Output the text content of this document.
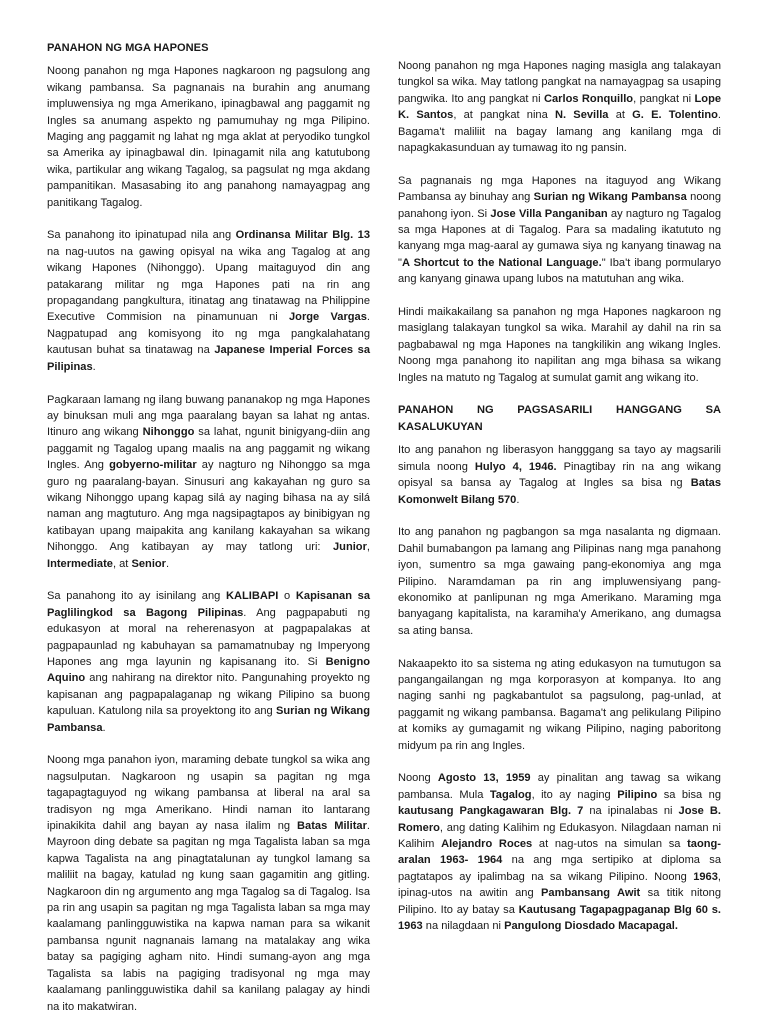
PANAHON NG MGA HAPONES

Noong panahon ng mga Hapones nagkaroon ng pagsulong ang wikang pambansa. Sa pagnanais na burahin ang anumang impluwensiya ng mga Amerikano, ipinagbawal ang paggamit ng Ingles sa anumang aspekto ng pamumuhay ng mga Pilipino. Maging ang paggamit ng lahat ng mga aklat at peryodiko tungkol sa Amerika ay ipinagbawal din. Ipinagamit nila ang katutubong wika, partikular ang wikang Tagalog, sa pagsulat ng mga akdang pampanitikan. Masasabing ito ang panahong namayagpag ang panitikang Tagalog.

Sa panahong ito ipinatupad nila ang Ordinansa Militar Blg. 13 na nag-uutos na gawing opisyal na wika ang Tagalog at ang wikang Hapones (Nihonggo). Upang maitaguyod din ang patakarang militar ng mga Hapones pati na rin ang propagandang pangkultura, itinatag ang tinatawag na Philippine Executive Commision na pinamunuan ni Jorge Vargas. Nagpatupad ang komisyong ito ng mga pangkalahatang kautusan buhat sa tinatawag na Japanese Imperial Forces sa Pilipinas.

Pagkaraan lamang ng ilang buwang pananakop ng mga Hapones ay binuksan muli ang mga paaralang bayan sa lahat ng antas. Itinuro ang wikang Nihonggo sa lahat, ngunit binigyang-diin ang paggamit ng Tagalog upang maalis na ang paggamit ng wikang Ingles. Ang gobyerno-militar ay nagturo ng Nihonggo sa mga guro ng paaralang-bayan. Sinusuri ang kakayahan ng guro sa wikang Nihonggo upang kapag silá ay naging bihasa na ay silá naman ang magtuturo. Ang mga nagsipagtapos ay binibigyan ng katibayan upang maipakita ang kanilang kakayahan sa wikang Nihonggo. Ang katibayan ay may tatlong uri: Junior, Intermediate, at Senior.

Sa panahong ito ay isinilang ang KALIBAPI o Kapisanan sa Paglilingkod sa Bagong Pilipinas. Ang pagpapabuti ng edukasyon at moral na reherenasyon at pagpapalakas at pagpapaunlad ng kabuhayan sa pamamatnubay ng Imperyong Hapones ang mga layunin ng kapisanang ito. Si Benigno Aquino ang nahirang na direktor nito. Pangunahing proyekto ng kapisanan ang pagpapalaganap ng wikang Pilipino sa buong kapuluan. Katulong nila sa proyektong ito ang Surian ng Wikang Pambansa.

Noong mga panahon iyon, maraming debate tungkol sa wika ang nagsulputan. Nagkaroon ng usapin sa pagitan ng mga tagapagtaguyod ng wikang pambansa at liberal na aral sa tradisyon ng mga Amerikano. Hindi naman ito lantarang ipinakikita dahil ang bayan ay nasa ilalim ng Batas Militar. Mayroon ding debate sa pagitan ng mga Tagalista laban sa mga kapwa Tagalista na ang pinagtatalunan ay tungkol lamang sa maliliit na bagay, katulad ng kung saan gagamitin ang gitling. Nagkaroon din ng argumento ang mga Tagalog sa di Tagalog. Isa pa rin ang usapin sa pagitan ng mga Tagalista laban sa mga may kaalamang panlingguwistika na kapwa naman para sa wikanit pambansa ngunit nagnanais lamang na matalakay ang wika batay sa pagiging agham nito. Hindi sumang-ayon ang mga Tagalista sa labis na pagiging tradisyonal ng mga may kaalamang panlingguwistika dahil sa kanilang palagay ay hindi na ito makatwiran.

Noong panahon ng mga Hapones naging masigla ang talakayan tungkol sa wika. May tatlong pangkat na namayagpag sa usaping pangwika. Ito ang pangkat ni Carlos Ronquillo, pangkat ni Lope K. Santos, at pangkat nina N. Sevilla at G. E. Tolentino. Bagama't maliliit na bagay lamang ang kanilang mga di napagkakasunduan ay tumawag ito ng pansin.

Sa pagnanais ng mga Hapones na itaguyod ang Wikang Pambansa ay binuhay ang Surian ng Wikang Pambansa noong panahong iyon. Si Jose Villa Panganiban ay nagturo ng Tagalog sa mga Hapones at di Tagalog. Para sa madaling ikatututo ng kanyang mga mag-aaral ay gumawa siya ng kanyang tinawag na "A Shortcut to the National Language." Iba't ibang pormularyo ang kanyang ginawa upang lubos na matutuhan ang wika.

Hindi maikakailang sa panahon ng mga Hapones nagkaroon ng masiglang talakayan tungkol sa wika. Marahil ay dahil na rin sa pagbabawal ng mga Hapones na tangkilikin ang wikang Ingles. Noong mga panahong ito napilitan ang mga bihasa sa wikang Ingles na matuto ng Tagalog at sumulat gamit ang wikang ito.

PANAHON NG PAGSASARILI HANGGANG SA KASALUKUYAN

Ito ang panahon ng liberasyon hangggang sa tayo ay magsarili simula noong Hulyo 4, 1946. Pinagtibay rin na ang wikang opisyal sa bansa ay Tagalog at Ingles sa bisa ng Batas Komonwelt Bilang 570.

Ito ang panahon ng pagbangon sa mga nasalanta ng digmaan. Dahil bumabangon pa lamang ang Pilipinas nang mga panahong iyon, sumentro sa mga gawaing pang-ekonomiya ang mga Pilipino. Naramdaman pa rin ang impluwensiyang pang-ekonomiko at panlipunan ng mga Amerikano. Maraming mga banyagang kapitalista, na karamiha'y Amerikano, ang dumagsa sa ating bansa.

Nakaapekto ito sa sistema ng ating edukasyon na tumutugon sa pangangailangan ng mga korporasyon at kompanya. Ito ang naging sanhi ng pagkabantulot sa pagsulong, pag-unlad, at paggamit ng wikang pambansa. Bagama't ang pelikulang Pilipino at komiks ay gumagamit ng wikang Pilipino, naging paboritong midyum pa rin ang Ingles.

Noong Agosto 13, 1959 ay pinalitan ang tawag sa wikang pambansa. Mula Tagalog, ito ay naging Pilipino sa bisa ng kautusang Pangkagawaran Blg. 7 na ipinalabas ni Jose B. Romero, ang dating Kalihim ng Edukasyon. Nilagdaan naman ni Kalihim Alejandro Roces at nag-utos na simulan sa taong-aralan 1963- 1964 na ang mga sertipiko at diploma sa pagtatapos ay ipalimbag na sa wikang Pilipino. Noong 1963, ipinag-utos na awitin ang Pambansang Awit sa titik nitong Pilipino. Ito ay batay sa Kautusang Tagapagpaganap Blg 60 s. 1963 na nilagdaan ni Pangulong Diosdado Macapagal.
